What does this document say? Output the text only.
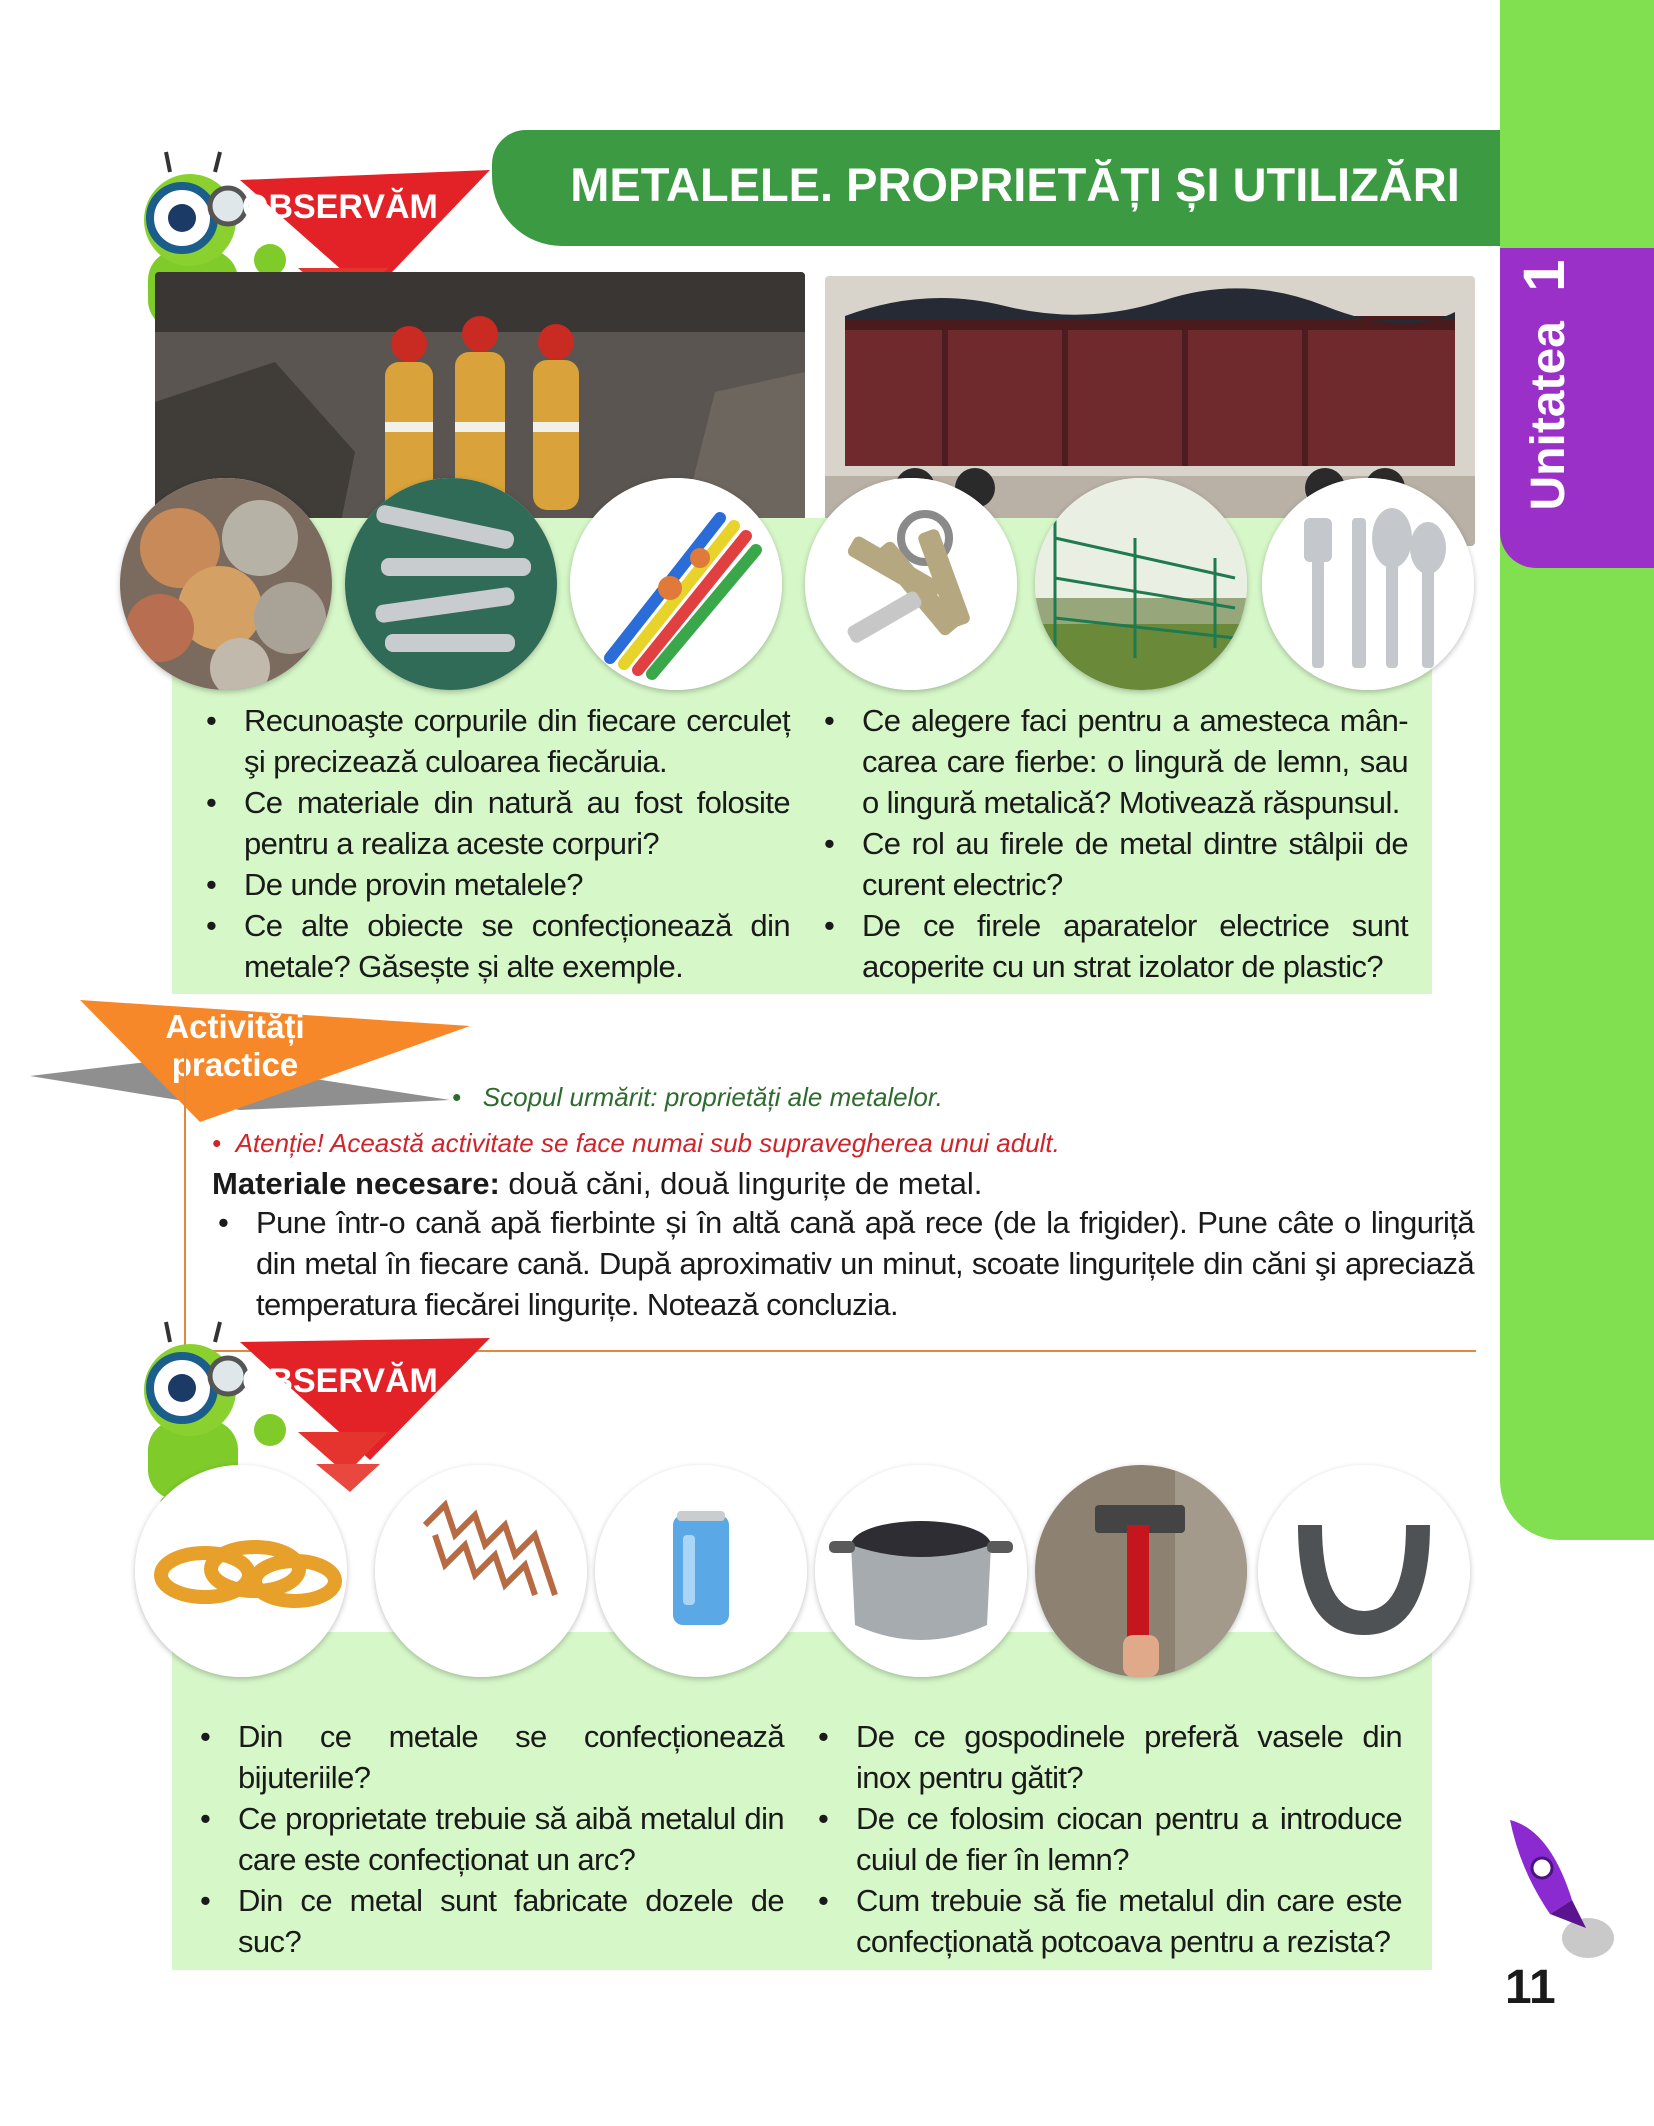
Unitatea 1
METALELE. PROPRIETĂȚI ȘI UTILIZĂRI
OBSERVĂM
• Recunoaşte corpurile din fiecare cerculeț şi precizează culoarea fiecăruia.
• Ce materiale din natură au fost folosite pentru a realiza aceste corpuri?
• De unde provin metalele?
• Ce alte obiecte se confecționează din metale? Găsește și alte exemple.
• Ce alegere faci pentru a amesteca mân- carea care fierbe: o lingură de lemn, sau o lingură metalică? Motivează răspunsul.
• Ce rol au firele de metal dintre stâlpii de curent electric?
• De ce firele aparatelor electrice sunt acoperite cu un strat izolator de plastic?
Activități
practice
•   Scopul urmărit: proprietăți ale metalelor.
•  Atenție! Această activitate se face numai sub supravegherea unui adult.
Materiale necesare: două căni, două lingurițe de metal.
• Pune într-o cană apă fierbinte și în altă cană apă rece (de la frigider). Pune câte o linguriță din metal în fiecare cană. După aproximativ un minut, scoate lingurițele din căni şi apreciază temperatura fiecărei lingurițe. Notează concluzia.
OBSERVĂM
• Din ce metale se confecționează bijuteriile?
• Ce proprietate trebuie să aibă metalul din care este confecționat un arc?
• Din ce metal sunt fabricate dozele de suc?
• De ce gospodinele preferă vasele din inox pentru gătit?
• De ce folosim ciocan pentru a introduce cuiul de fier în lemn?
• Cum trebuie să fie metalul din care este confecționată potcoava pentru a rezista?
11
